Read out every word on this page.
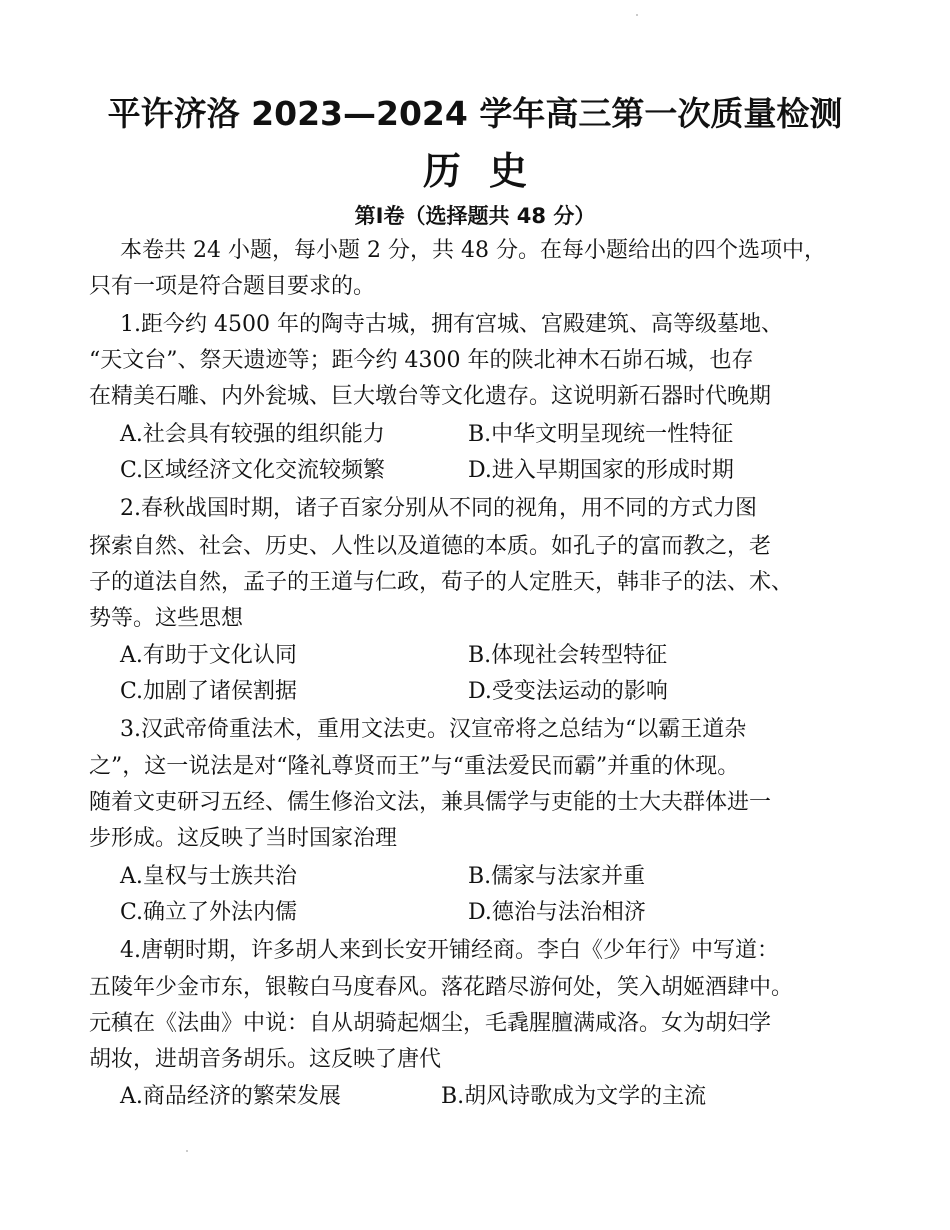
平许济洛 2023—2024 学年高三第一次质量检测
历史
第Ⅰ卷（选择题共 48 分）
本卷共 24 小题，每小题 2 分，共 48 分。在每小题给出的四个选项中，
只有一项是符合题目要求的。
1.距今约 4500 年的陶寺古城，拥有宫城、宫殿建筑、高等级墓地、
“天文台”、祭天遗迹等；距今约 4300 年的陕北神木石峁石城，也存
在精美石雕、内外瓮城、巨大墩台等文化遗存。这说明新石器时代晚期
A.社会具有较强的组织能力	B.中华文明呈现统一性特征
C.区域经济文化交流较频繁	D.进入早期国家的形成时期
2.春秋战国时期，诸子百家分别从不同的视角，用不同的方式力图
探索自然、社会、历史、人性以及道德的本质。如孔子的富而教之，老
子的道法自然，孟子的王道与仁政，荀子的人定胜天，韩非子的法、术、
势等。这些思想
A.有助于文化认同	B.体现社会转型特征
C.加剧了诸侯割据	D.受变法运动的影响
3.汉武帝倚重法术，重用文法吏。汉宣帝将之总结为“以霸王道杂
之”，这一说法是对“隆礼尊贤而王”与“重法爱民而霸”并重的休现。
随着文吏研习五经、儒生修治文法，兼具儒学与吏能的士大夫群体进一
步形成。这反映了当时国家治理
A.皇权与士族共治	B.儒家与法家并重
C.确立了外法内儒	D.德治与法治相济
4.唐朝时期，许多胡人来到长安开铺经商。李白《少年行》中写道：
五陵年少金市东，银鞍白马度春风。落花踏尽游何处，笑入胡姬酒肆中。
元稹在《法曲》中说：自从胡骑起烟尘，毛毳腥膻满咸洛。女为胡妇学
胡妆，进胡音务胡乐。这反映了唐代
A.商品经济的繁荣发展	B.胡风诗歌成为文学的主流
